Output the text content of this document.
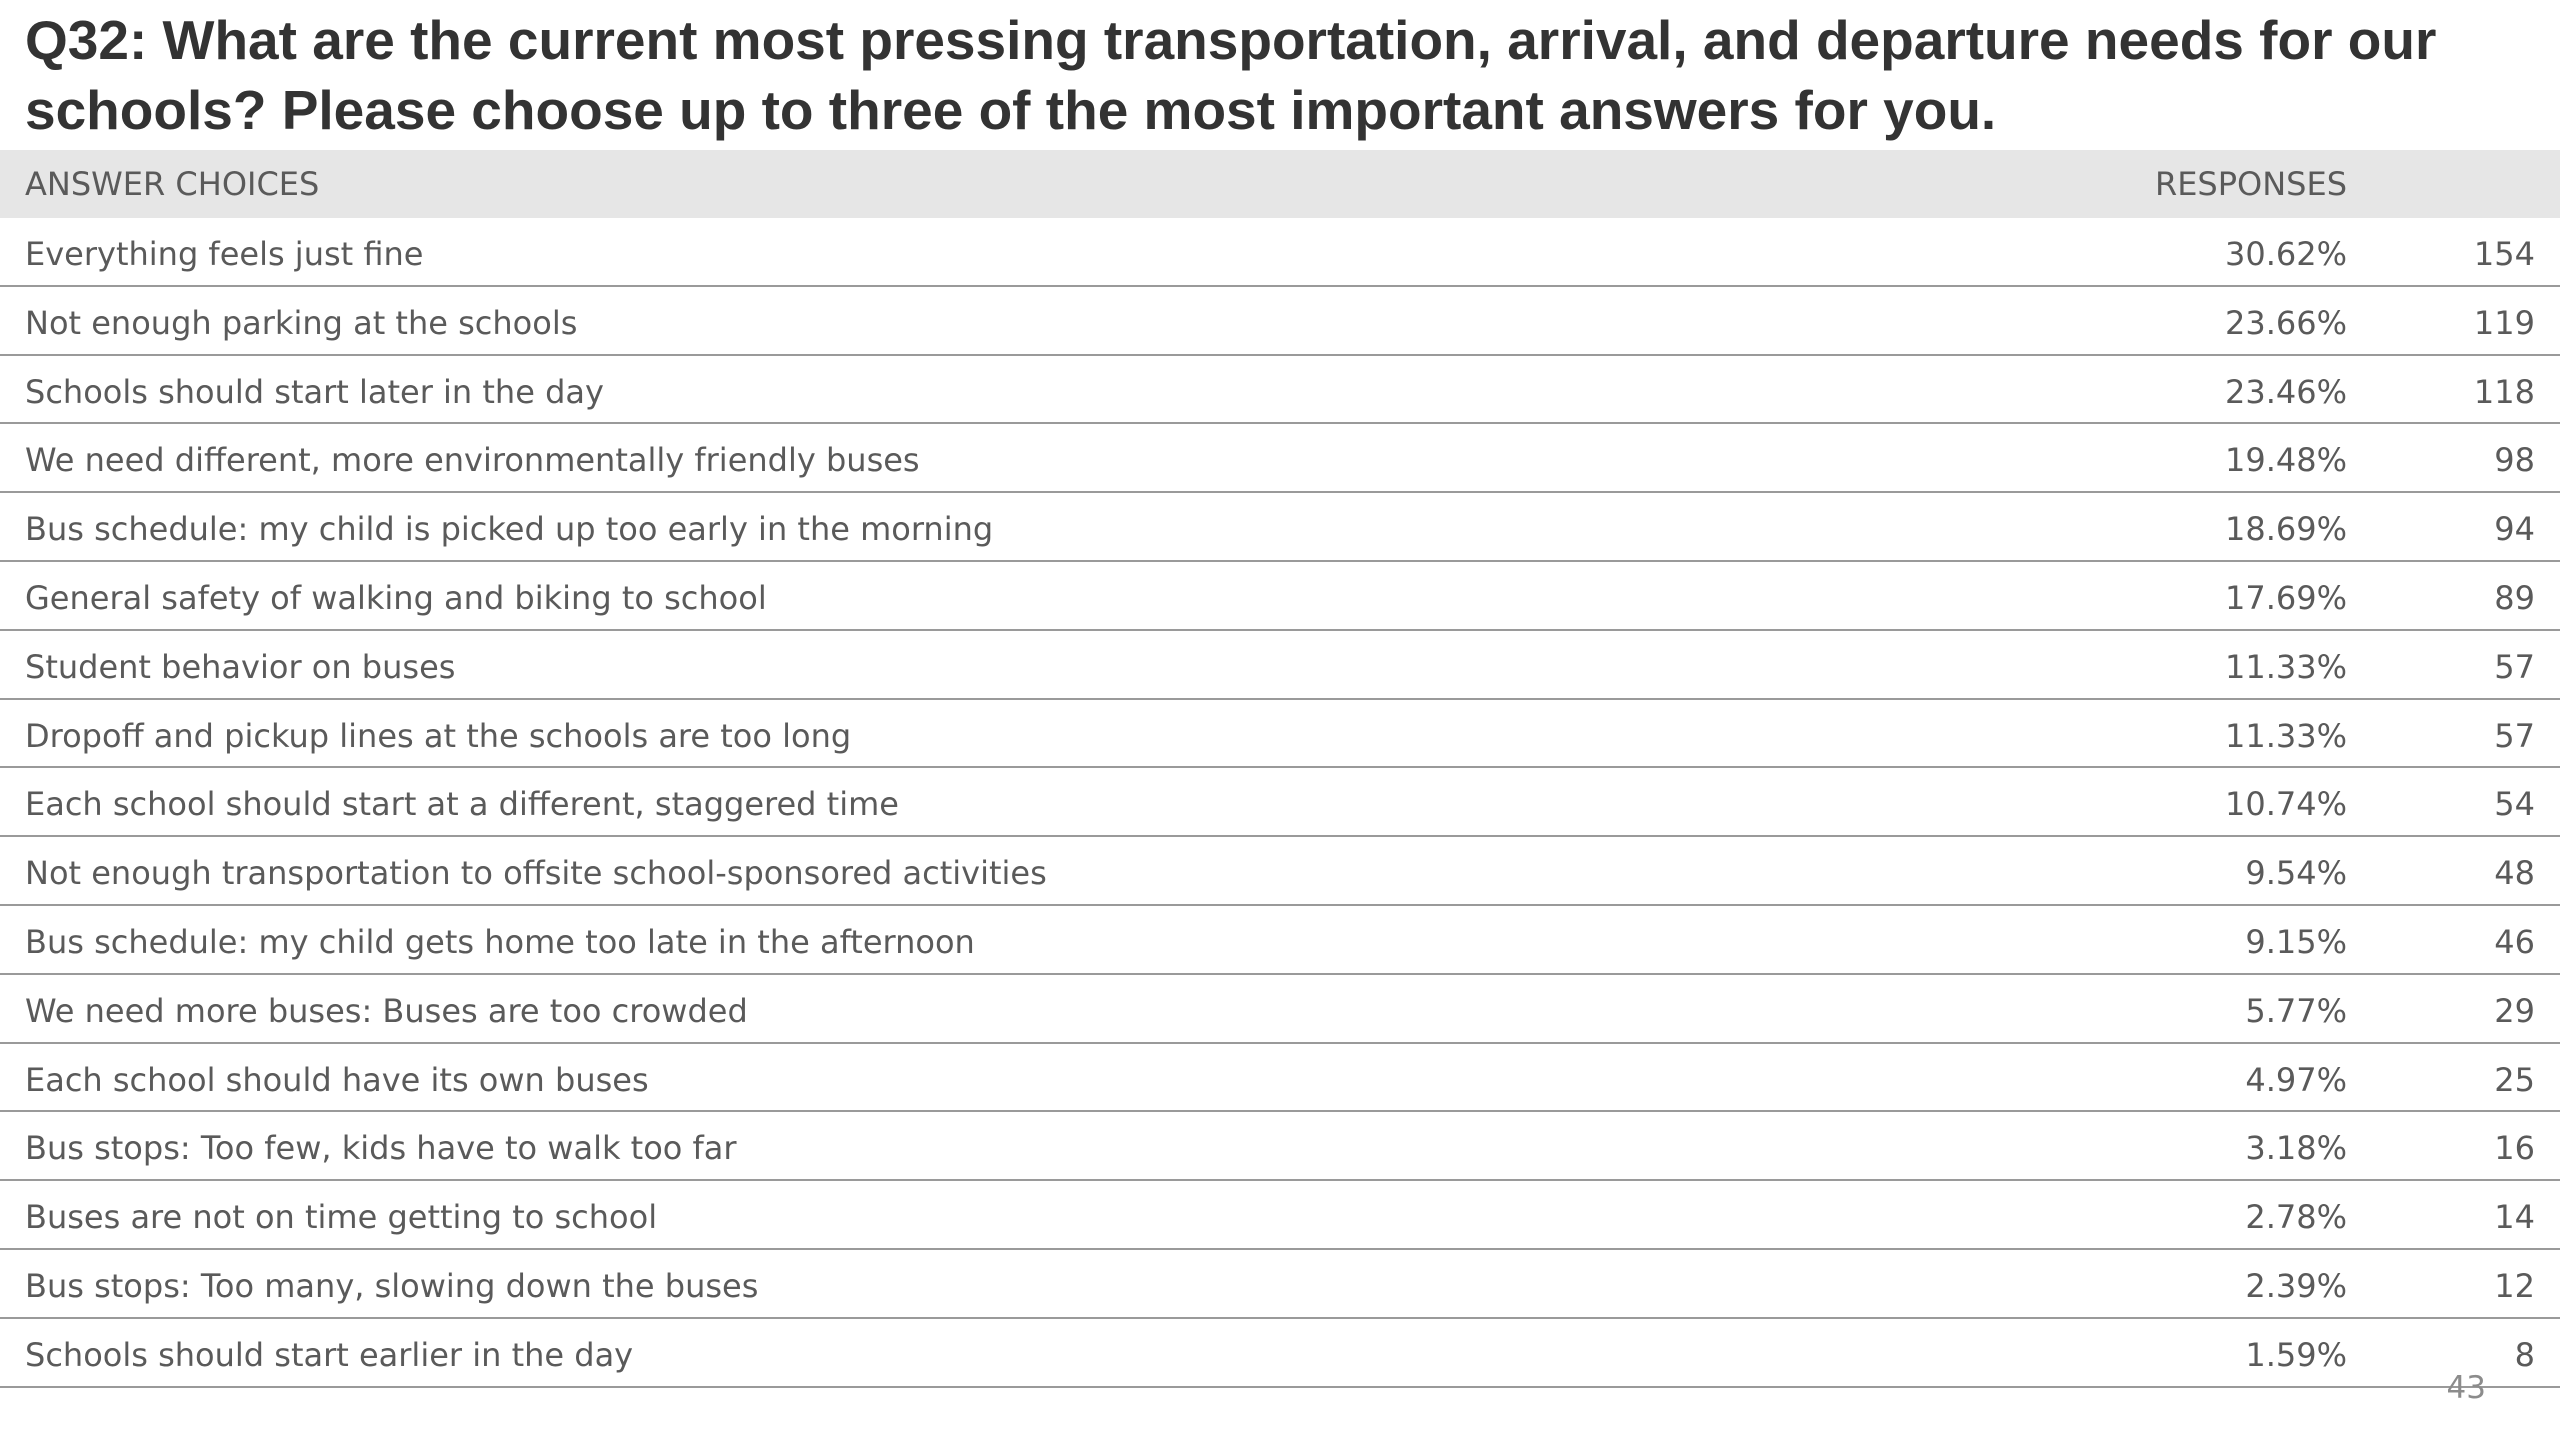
Q32: What are the current most pressing transportation, arrival, and departure needs for our schools? Please choose up to three of the most important answers for you.
ANSWER CHOICES	RESPONSES
Everything feels just fine	30.62%	154
Not enough parking at the schools	23.66%	119
Schools should start later in the day	23.46%	118
We need different, more environmentally friendly buses	19.48%	98
Bus schedule: my child is picked up too early in the morning	18.69%	94
General safety of walking and biking to school	17.69%	89
Student behavior on buses	11.33%	57
Dropoff and pickup lines at the schools are too long	11.33%	57
Each school should start at a different, staggered time	10.74%	54
Not enough transportation to offsite school-sponsored activities	9.54%	48
Bus schedule: my child gets home too late in the afternoon	9.15%	46
We need more buses: Buses are too crowded	5.77%	29
Each school should have its own buses	4.97%	25
Bus stops: Too few, kids have to walk too far	3.18%	16
Buses are not on time getting to school	2.78%	14
Bus stops: Too many, slowing down the buses	2.39%	12
Schools should start earlier in the day	1.59%	8
43
